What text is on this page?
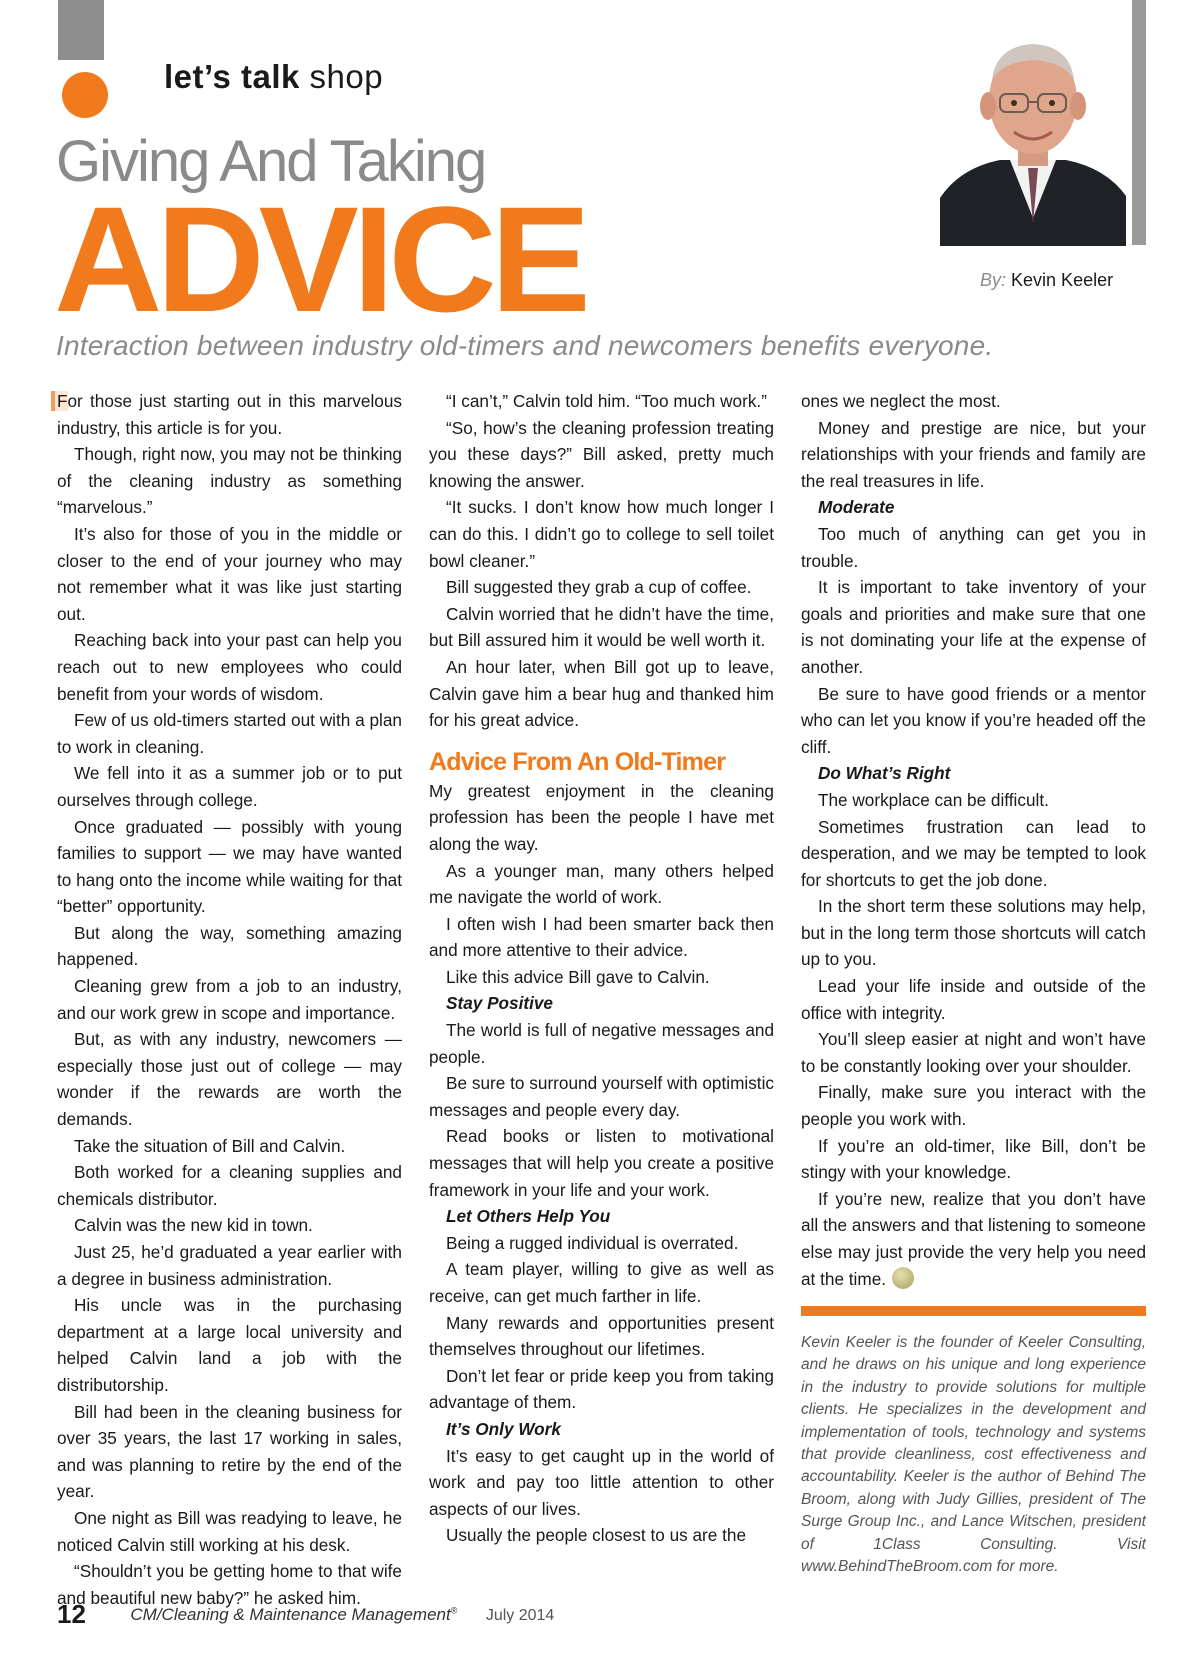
let’s talk shop
Giving And Taking
ADVICE	By: Kevin Keeler
Interaction between industry old-timers and newcomers benefits everyone.

For those just starting out in this marvelous industry, this article is for you.

Though, right now, you may not be thinking of the cleaning industry as something “marvelous.”

It’s also for those of you in the middle or closer to the end of your journey who may not remember what it was like just starting out.

Reaching back into your past can help you reach out to new employees who could benefit from your words of wisdom.

Few of us old-timers started out with a plan to work in cleaning.

We fell into it as a summer job or to put ourselves through college.

Once graduated — possibly with young families to support — we may have wanted to hang onto the income while waiting for that “better” opportunity.

But along the way, something amazing happened.

Cleaning grew from a job to an industry, and our work grew in scope and importance.

But, as with any industry, newcomers — especially those just out of college — may wonder if the rewards are worth the demands.

Take the situation of Bill and Calvin.

Both worked for a cleaning supplies and chemicals distributor.

Calvin was the new kid in town.

Just 25, he’d graduated a year earlier with a degree in business administration.

His uncle was in the purchasing department at a large local university and helped Calvin land a job with the distributorship.

Bill had been in the cleaning business for over 35 years, the last 17 working in sales, and was planning to retire by the end of the year.

One night as Bill was readying to leave, he noticed Calvin still working at his desk.

“Shouldn’t you be getting home to that wife and beautiful new baby?” he asked him.

“I can’t,” Calvin told him. “Too much work.”

“So, how’s the cleaning profession treating you these days?” Bill asked, pretty much knowing the answer.

“It sucks. I don’t know how much longer I can do this. I didn’t go to college to sell toilet bowl cleaner.”

Bill suggested they grab a cup of coffee.

Calvin worried that he didn’t have the time, but Bill assured him it would be well worth it.

An hour later, when Bill got up to leave, Calvin gave him a bear hug and thanked him for his great advice.

Advice From An Old-Timer

My greatest enjoyment in the cleaning profession has been the people I have met along the way.

As a younger man, many others helped me navigate the world of work.

I often wish I had been smarter back then and more attentive to their advice.

Like this advice Bill gave to Calvin.

Stay Positive

The world is full of negative messages and people.

Be sure to surround yourself with optimistic messages and people every day.

Read books or listen to motivational messages that will help you create a positive framework in your life and your work.

Let Others Help You

Being a rugged individual is overrated.

A team player, willing to give as well as receive, can get much farther in life.

Many rewards and opportunities present themselves throughout our lifetimes.

Don’t let fear or pride keep you from taking advantage of them.

It’s Only Work

It’s easy to get caught up in the world of work and pay too little attention to other aspects of our lives.

Usually the people closest to us are the

ones we neglect the most.

Money and prestige are nice, but your relationships with your friends and family are the real treasures in life.

Moderate

Too much of anything can get you in trouble.

It is important to take inventory of your goals and priorities and make sure that one is not dominating your life at the expense of another.

Be sure to have good friends or a mentor who can let you know if you’re headed off the cliff.

Do What’s Right

The workplace can be difficult.

Sometimes frustration can lead to desperation, and we may be tempted to look for shortcuts to get the job done.

In the short term these solutions may help, but in the long term those shortcuts will catch up to you.

Lead your life inside and outside of the office with integrity.

You’ll sleep easier at night and won’t have to be constantly looking over your shoulder.

Finally, make sure you interact with the people you work with.

If you’re an old-timer, like Bill, don’t be stingy with your knowledge.

If you’re new, realize that you don’t have all the answers and that listening to someone else may just provide the very help you need at the time.

Kevin Keeler is the founder of Keeler Consulting, and he draws on his unique and long experience in the industry to provide solutions for multiple clients. He specializes in the development and implementation of tools, technology and systems that provide cleanliness, cost effectiveness and accountability. Keeler is the author of Behind The Broom, along with Judy Gillies, president of The Surge Group Inc., and Lance Witschen, president of 1Class Consulting. Visit www.BehindTheBroom.com for more.
12	CM/Cleaning & Maintenance Management® July 2014
